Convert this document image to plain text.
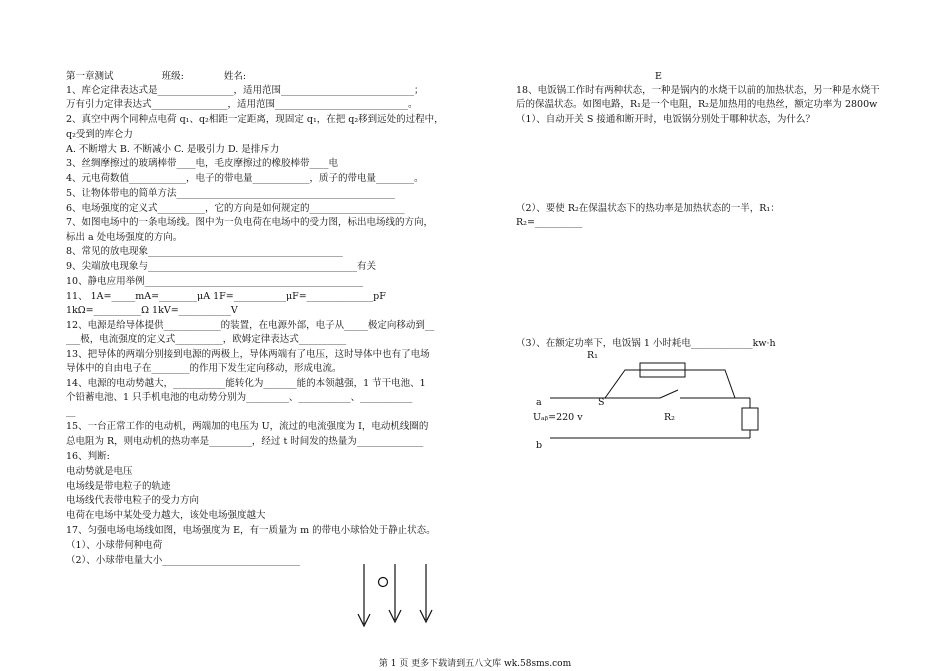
第一章测试	班级:	姓名:
1、库仑定律表达式是________________，适用范围____________________________；
万有引力定律表达式________________，适用范围____________________________。
2、真空中两个同种点电荷 q₁、q₂相距一定距离，现固定 q₁，在把 q₂移到远处的过程中，
q₂受到的库仑力
A. 不断增大 B. 不断减小 C. 是吸引力 D. 是排斥力
3、丝绸摩擦过的玻璃棒带____电，毛皮摩擦过的橡胶棒带____电
4、元电荷数值____________，电子的带电量____________，质子的带电量________。
5、让物体带电的简单方法______________________________________________
6、电场强度的定义式__________，它的方向是如何规定的____________________
7、如图电场中的一条电场线。图中为一负电荷在电场中的受力图，标出电场线的方向，
标出 a 处电场强度的方向。
8、常见的放电现象_________________________________________
9、尖端放电现象与____________________________________________有关
10、静电应用举例______________________________________________
11、 1A=_____mA=________μA 1F=___________μF=______________pF
1kΩ=__________Ω 1kV=___________V
12、电源是给导体提供____________的装置，在电源外部，电子从_____极定向移动到__
___极，电流强度的定义式__________，欧姆定律表达式__________
13、把导体的两端分别接到电源的两极上，导体两端有了电压，这时导体中也有了电场
导体中的自由电子在________的作用下发生定向移动，形成电流。
14、电源的电动势越大，___________能转化为_______能的本领越强，1 节干电池、1
个铅蓄电池、1 只手机电池的电动势分别为_________、___________、___________
__
15、一台正常工作的电动机，两端加的电压为 U，流过的电流强度为 I，电动机线圈的
总电阻为 R，则电动机的热功率是_________，经过 t 时间发的热量为______________
16、判断:
电动势就是电压
电场线是带电粒子的轨迹
电场线代表带电粒子的受力方向
电荷在电场中某处受力越大，该处电场强度越大
17、匀强电场电场线如图，电场强度为 E，有一质量为 m 的带电小球恰处于静止状态。
（1）、小球带何种电荷
（2）、小球带电量大小_____________________________
18、电饭锅工作时有两种状态，一种是锅内的水烧干以前的加热状态，另一种是水烧干
后的保温状态。如图电路，R₁是一个电阻，R₂是加热用的电热丝，额定功率为 2800w
（1）、自动开关 S 接通和断开时，电饭锅分别处于哪种状态，为什么？
（2）、要使 R₂在保温状态下的热功率是加热状态的一半，R₁：
R₂=__________
（3）、在额定功率下，电饭锅 1 小时耗电_____________kw·h
E
R₁
a	S
Uₐᵦ=220 v	R₂
b
第 1 页 更多下载请到五八文库 wk.58sms.com
